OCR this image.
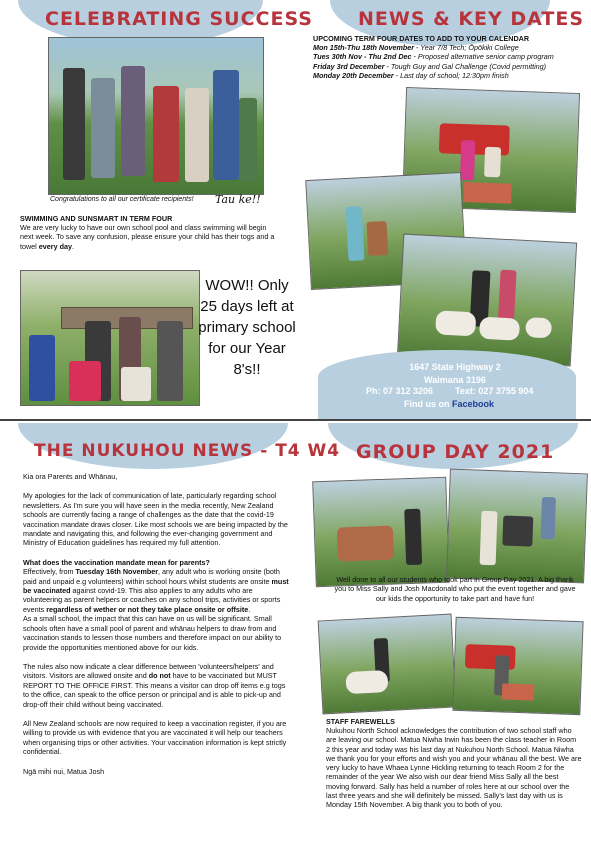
CELEBRATING SUCCESS NEWS & KEY DATES
Congratulations to all our certificate recipients!	Tau ke!!
SWIMMING AND SUNSMART IN TERM FOUR
We are very lucky to have our own school pool and class swimming will begin next week. To save any confusion, please ensure your child has their togs and a towel every day.
WOW!! Only 25 days left at primary school for our Year 8's!!
UPCOMING TERM FOUR DATES TO ADD TO YOUR CALENDAR
Mon 15th-Thu 18th November - Year 7/8 Tech; Ōpōkiki College
Tues 30th Nov - Thu 2nd Dec - Proposed alternative senior camp program
Friday 3rd December - Tough Guy and Gal Challenge (Covid permitting)
Monday 20th December - Last day of school; 12:30pm finish
1647 State Highway 2
Waimana 3196
Ph: 07 312 3206 Text: 027 3755 904
Find us on Facebook
THE NUKUHOU NEWS - T4 W4 GROUP DAY 2021
Kia ora Parents and Whānau,
My apologies for the lack of communication of late, particularly regarding school newsletters. As I'm sure you will have seen in the media recently, New Zealand schools are currently facing a range of challenges as the date that the covid-19 vaccination mandate draws closer. Like most schools we are being impacted by the mandate and navigating this, and following the ever-changing government and Ministry of Education guidelines has required my full attention.
What does the vaccination mandate mean for parents?
Effectively, from Tuesday 16th November, any adult who is working onsite (both paid and unpaid e.g volunteers) within school hours whilst students are onsite must be vaccinated against covid-19. This also applies to any adults who are volunteering as parent helpers or coaches on any school trips, activities or sports events regardless of wether or not they take place onsite or offsite.
As a small school, the impact that this can have on us will be significant. Small schools often have a small pool of parent and whānau helpers to draw from and vaccination stands to lessen those numbers and therefore impact on our ability to provide the opportunities mentioned above for our kids.
The rules also now indicate a clear difference between 'volunteers/helpers' and visitors. Visitors are allowed onsite and do not have to be vaccinated but MUST REPORT TO THE OFFICE FIRST. This means a visitor can drop off items e.g togs to the office, can speak to the office person or principal and is able to pick-up and drop-off their child without being vaccinated.
All New Zealand schools are now required to keep a vaccination register, if you are willing to provide us with evidence that you are vaccinated it will help our teachers when organising trips or other activities. Your vaccination information is kept strictly confidential.
Ngā mihi nui, Matua Josh
Well done to all our students who took part in Group Day 2021. A big thank you to Miss Sally and Josh Macdonald who put the event together and gave our kids the opportunity to take part and have fun!
STAFF FAREWELLS
Nukuhou North School acknowledges the contribution of two school staff who are leaving our school. Matua Niwha Irwin has been the class teacher in Room 2 this year and today was his last day at Nukuhou North School. Matua Niwha we thank you for your efforts and wish you and your whānau all the best. We are very lucky to have Whaea Lynne Hickling returning to teach Room 2 for the remainder of the year We also wish our dear friend Miss Sally all the best moving forward. Sally has held a number of roles here at our school over the last three years and she will definitely be missed. Sally's last day with us is Monday 15th November. A big thank you to both of you.
